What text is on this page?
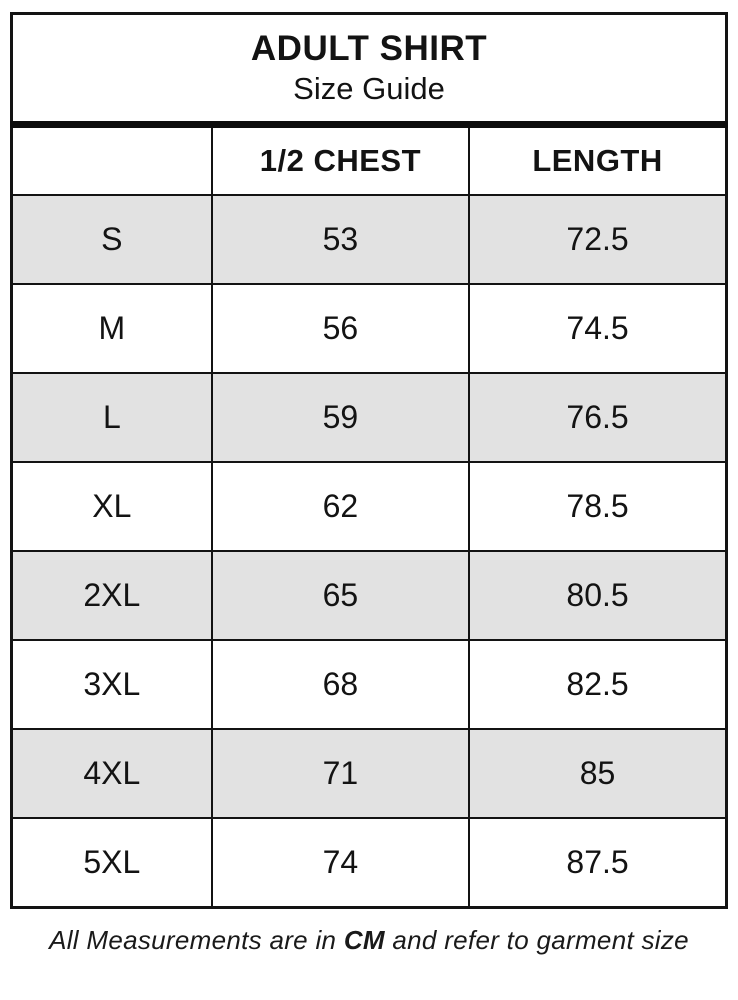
ADULT SHIRT
Size Guide		

	1/2 CHEST	LENGTH
S	53	72.5
M	56	74.5
L	59	76.5
XL	62	78.5
2XL	65	80.5
3XL	68	82.5
4XL	71	85
5XL	74	87.5
All Measurements are in CM and refer to garment size
